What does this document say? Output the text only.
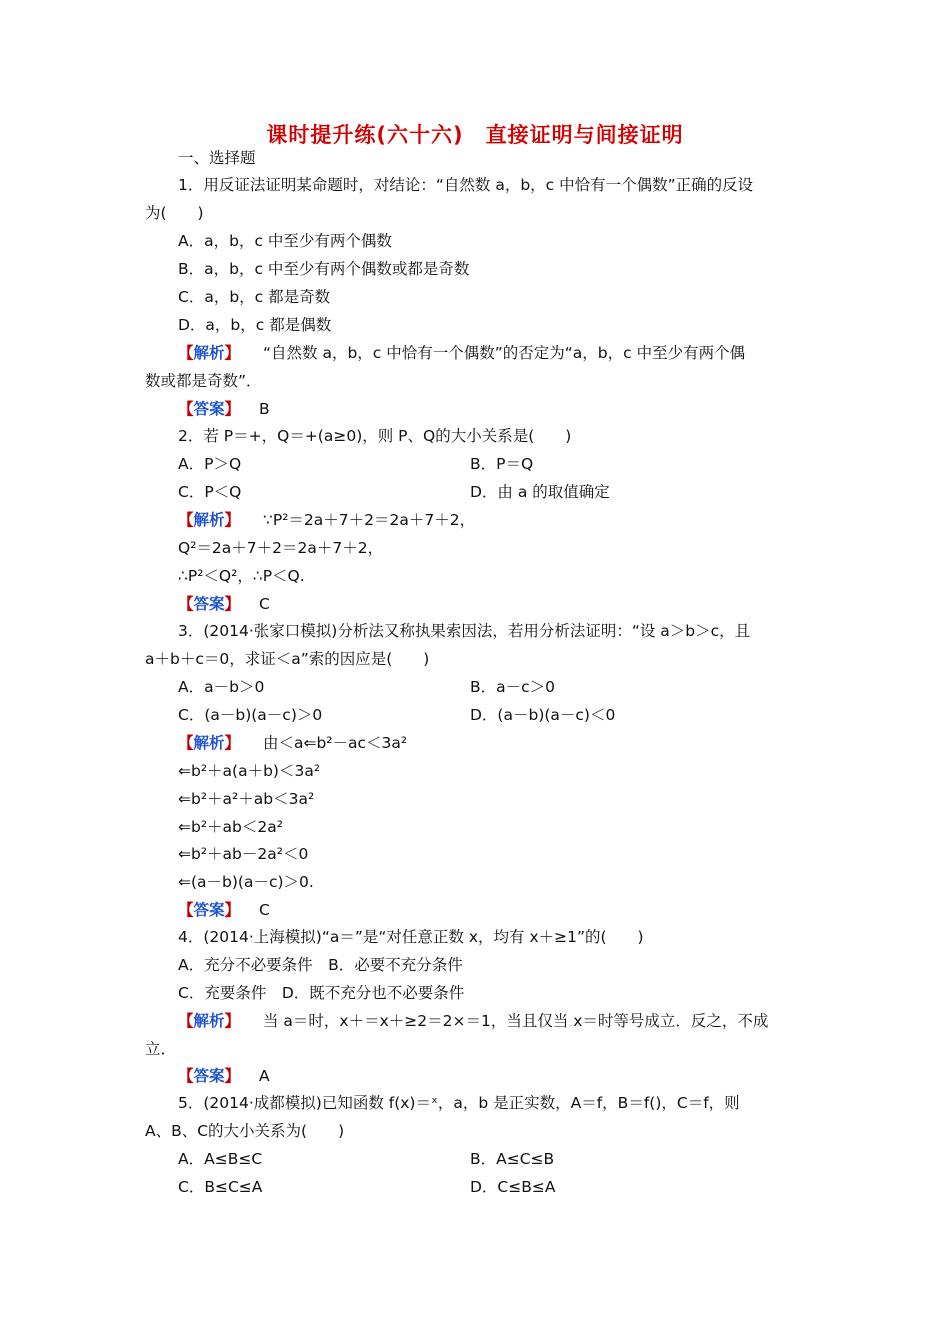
课时提升练(六十六)　直接证明与间接证明
一、选择题
1．用反证法证明某命题时，对结论：“自然数 a，b，c 中恰有一个偶数”正确的反设
为(　　)
A．a，b，c 中至少有两个偶数
B．a，b，c 中至少有两个偶数或都是奇数
C．a，b，c 都是奇数
D．a，b，c 都是偶数
【解析】 “自然数 a，b，c 中恰有一个偶数”的否定为“a，b，c 中至少有两个偶
数或都是奇数”．
【答案】 B
2．若 P＝+，Q＝+(a≥0)，则 P、Q的大小关系是(　　)
A．P＞Q	B．P＝Q
C．P＜Q	D．由 a 的取值确定
【解析】 ∵P²＝2a＋7＋2＝2a＋7＋2，
Q²＝2a＋7＋2＝2a＋7＋2，
∴P²＜Q²，∴P＜Q.
【答案】 C
3．(2014·张家口模拟)分析法又称执果索因法，若用分析法证明：“设 a＞b＞c，且
a＋b＋c＝0，求证＜a”索的因应是(　　)
A．a－b＞0	B．a－c＞0
C．(a－b)(a－c)＞0	D．(a－b)(a－c)＜0
【解析】 由＜a⇐b²－ac＜3a²
⇐b²＋a(a＋b)＜3a²
⇐b²＋a²＋ab＜3a²
⇐b²＋ab＜2a²
⇐b²＋ab－2a²＜0
⇐(a－b)(a－c)＞0.
【答案】 C
4．(2014·上海模拟)“a＝”是“对任意正数 x，均有 x＋≥1”的(　　)
A．充分不必要条件　B．必要不充分条件
C．充要条件　D．既不充分也不必要条件
【解析】 当 a＝时，x＋＝x＋≥2＝2×＝1，当且仅当 x＝时等号成立．反之，不成
立．
【答案】 A
5．(2014·成都模拟)已知函数 f(x)＝ˣ，a，b 是正实数，A＝f，B＝f()，C＝f，则
A、B、C的大小关系为(　　)
A．A≤B≤C	B．A≤C≤B
C．B≤C≤A	D．C≤B≤A
